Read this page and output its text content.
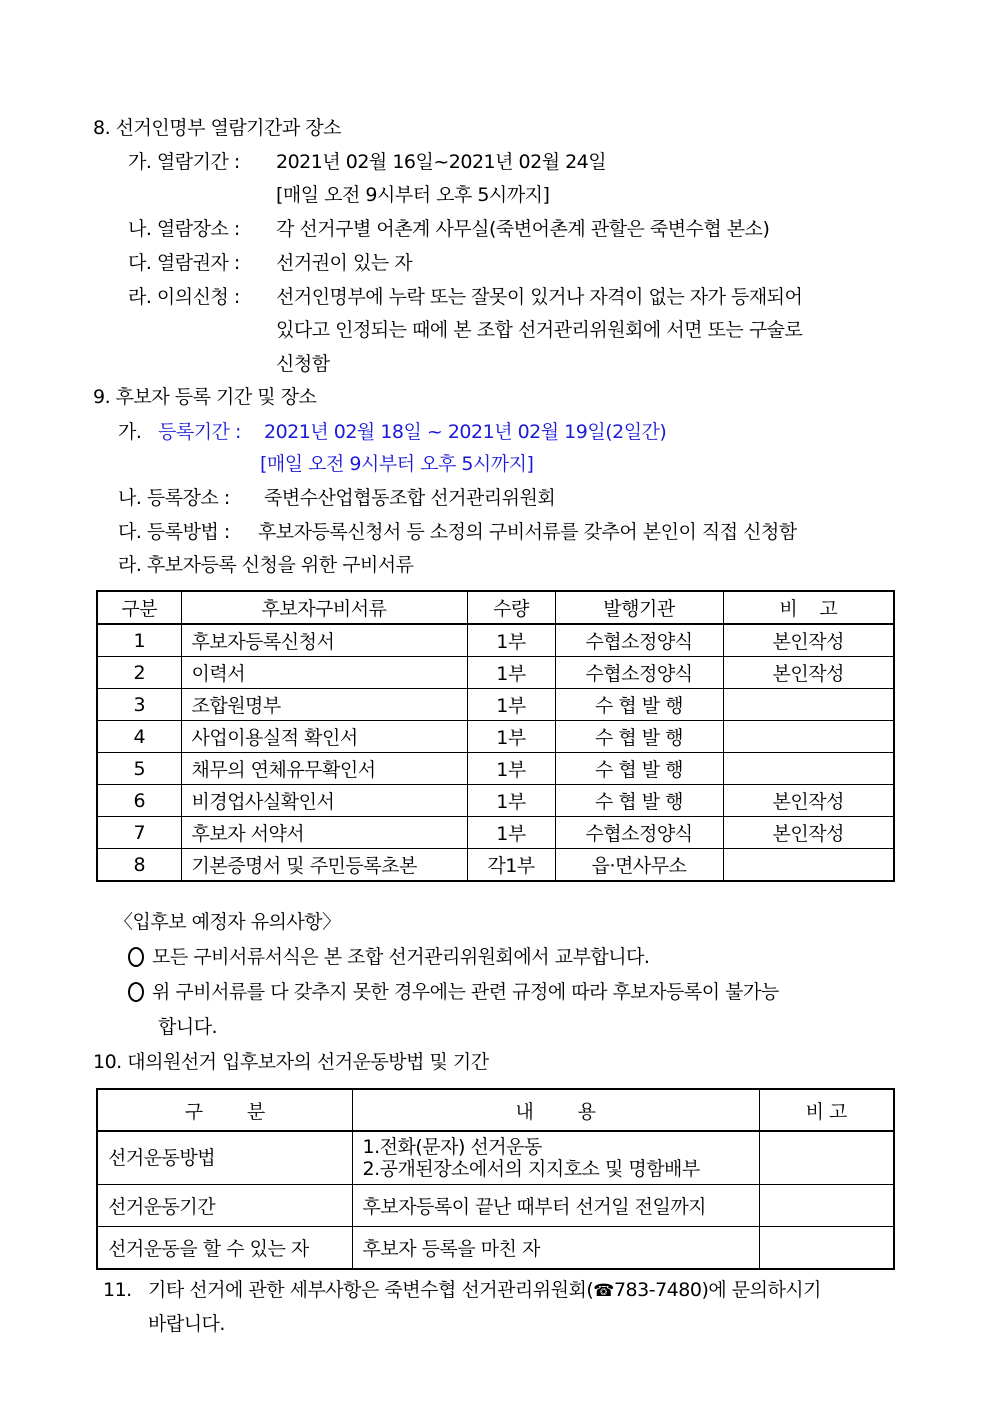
8. 선거인명부 열람기간과 장소
가. 열람기간 : 2021년 02월 16일~2021년 02월 24일
[매일 오전 9시부터 오후 5시까지]
나. 열람장소 : 각 선거구별 어촌계 사무실(죽변어촌계 관할은 죽변수협 본소)
다. 열람권자 : 선거권이 있는 자
라. 이의신청 : 선거인명부에 누락 또는 잘못이 있거나 자격이 없는 자가 등재되어
있다고 인정되는 때에 본 조합 선거관리위원회에 서면 또는 구술로
신청함
9. 후보자 등록 기간 및 장소
가. 등록기간 : 2021년 02월 18일 ~ 2021년 02월 19일(2일간)
[매일 오전 9시부터 오후 5시까지]
나. 등록장소 : 죽변수산업협동조합 선거관리위원회
다. 등록방법 : 후보자등록신청서 등 소정의 구비서류를 갖추어 본인이 직접 신청함
라. 후보자등록 신청을 위한 구비서류
구분	후보자구비서류	수량	발행기관	비    고
1	후보자등록신청서	1부	수협소정양식	본인작성
2	이력서	1부	수협소정양식	본인작성
3	조합원명부	1부	수 협 발 행	
4	사업이용실적 확인서	1부	수 협 발 행	
5	채무의 연체유무확인서	1부	수 협 발 행	
6	비경업사실확인서	1부	수 협 발 행	본인작성
7	후보자 서약서	1부	수협소정양식	본인작성
8	기본증명서 및 주민등록초본	각1부	읍·면사무소	
〈입후보 예정자 유의사항〉
모든 구비서류서식은 본 조합 선거관리위원회에서 교부합니다.
위 구비서류를 다 갖추지 못한 경우에는 관련 규정에 따라 후보자등록이 불가능
합니다.
10. 대의원선거 입후보자의 선거운동방법 및 기간
구        분	내        용	비 고
선거운동방법	1.전화(문자) 선거운동
2.공개된장소에서의 지지호소 및 명함배부	

선거운동기간	후보자등록이 끝난 때부터 선거일 전일까지	
선거운동을 할 수 있는 자	후보자 등록을 마친 자	
11. 기타 선거에 관한 세부사항은 죽변수협 선거관리위원회(☎783-7480)에 문의하시기
바랍니다.
